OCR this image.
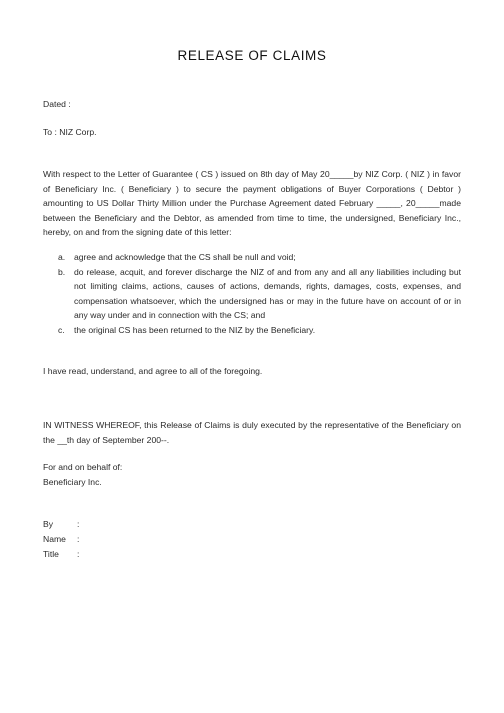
RELEASE OF CLAIMS
Dated :
To : NIZ Corp.
With respect to the Letter of Guarantee ( CS ) issued on 8th day of May 20_____by NIZ Corp. ( NIZ ) in favor of Beneficiary Inc. ( Beneficiary ) to secure the payment obligations of Buyer Corporations ( Debtor ) amounting to US Dollar Thirty Million under the Purchase Agreement dated February _____, 20_____made between the Beneficiary and the Debtor, as amended from time to time, the undersigned, Beneficiary Inc., hereby, on and from the signing date of this letter:
a. agree and acknowledge that the CS shall be null and void;
b. do release, acquit, and forever discharge the NIZ of and from any and all any liabilities including but not limiting claims, actions, causes of actions, demands, rights, damages, costs, expenses, and compensation whatsoever, which the undersigned has or may in the future have on account of or in any way under and in connection with the CS; and
c. the original CS has been returned to the NIZ by the Beneficiary.
I have read, understand, and agree to all of the foregoing.
IN WITNESS WHEREOF, this Release of Claims is duly executed by the representative of the Beneficiary on the __th day of September 200--.
For and on behalf of:
Beneficiary Inc.
By	:
Name :
Title :
